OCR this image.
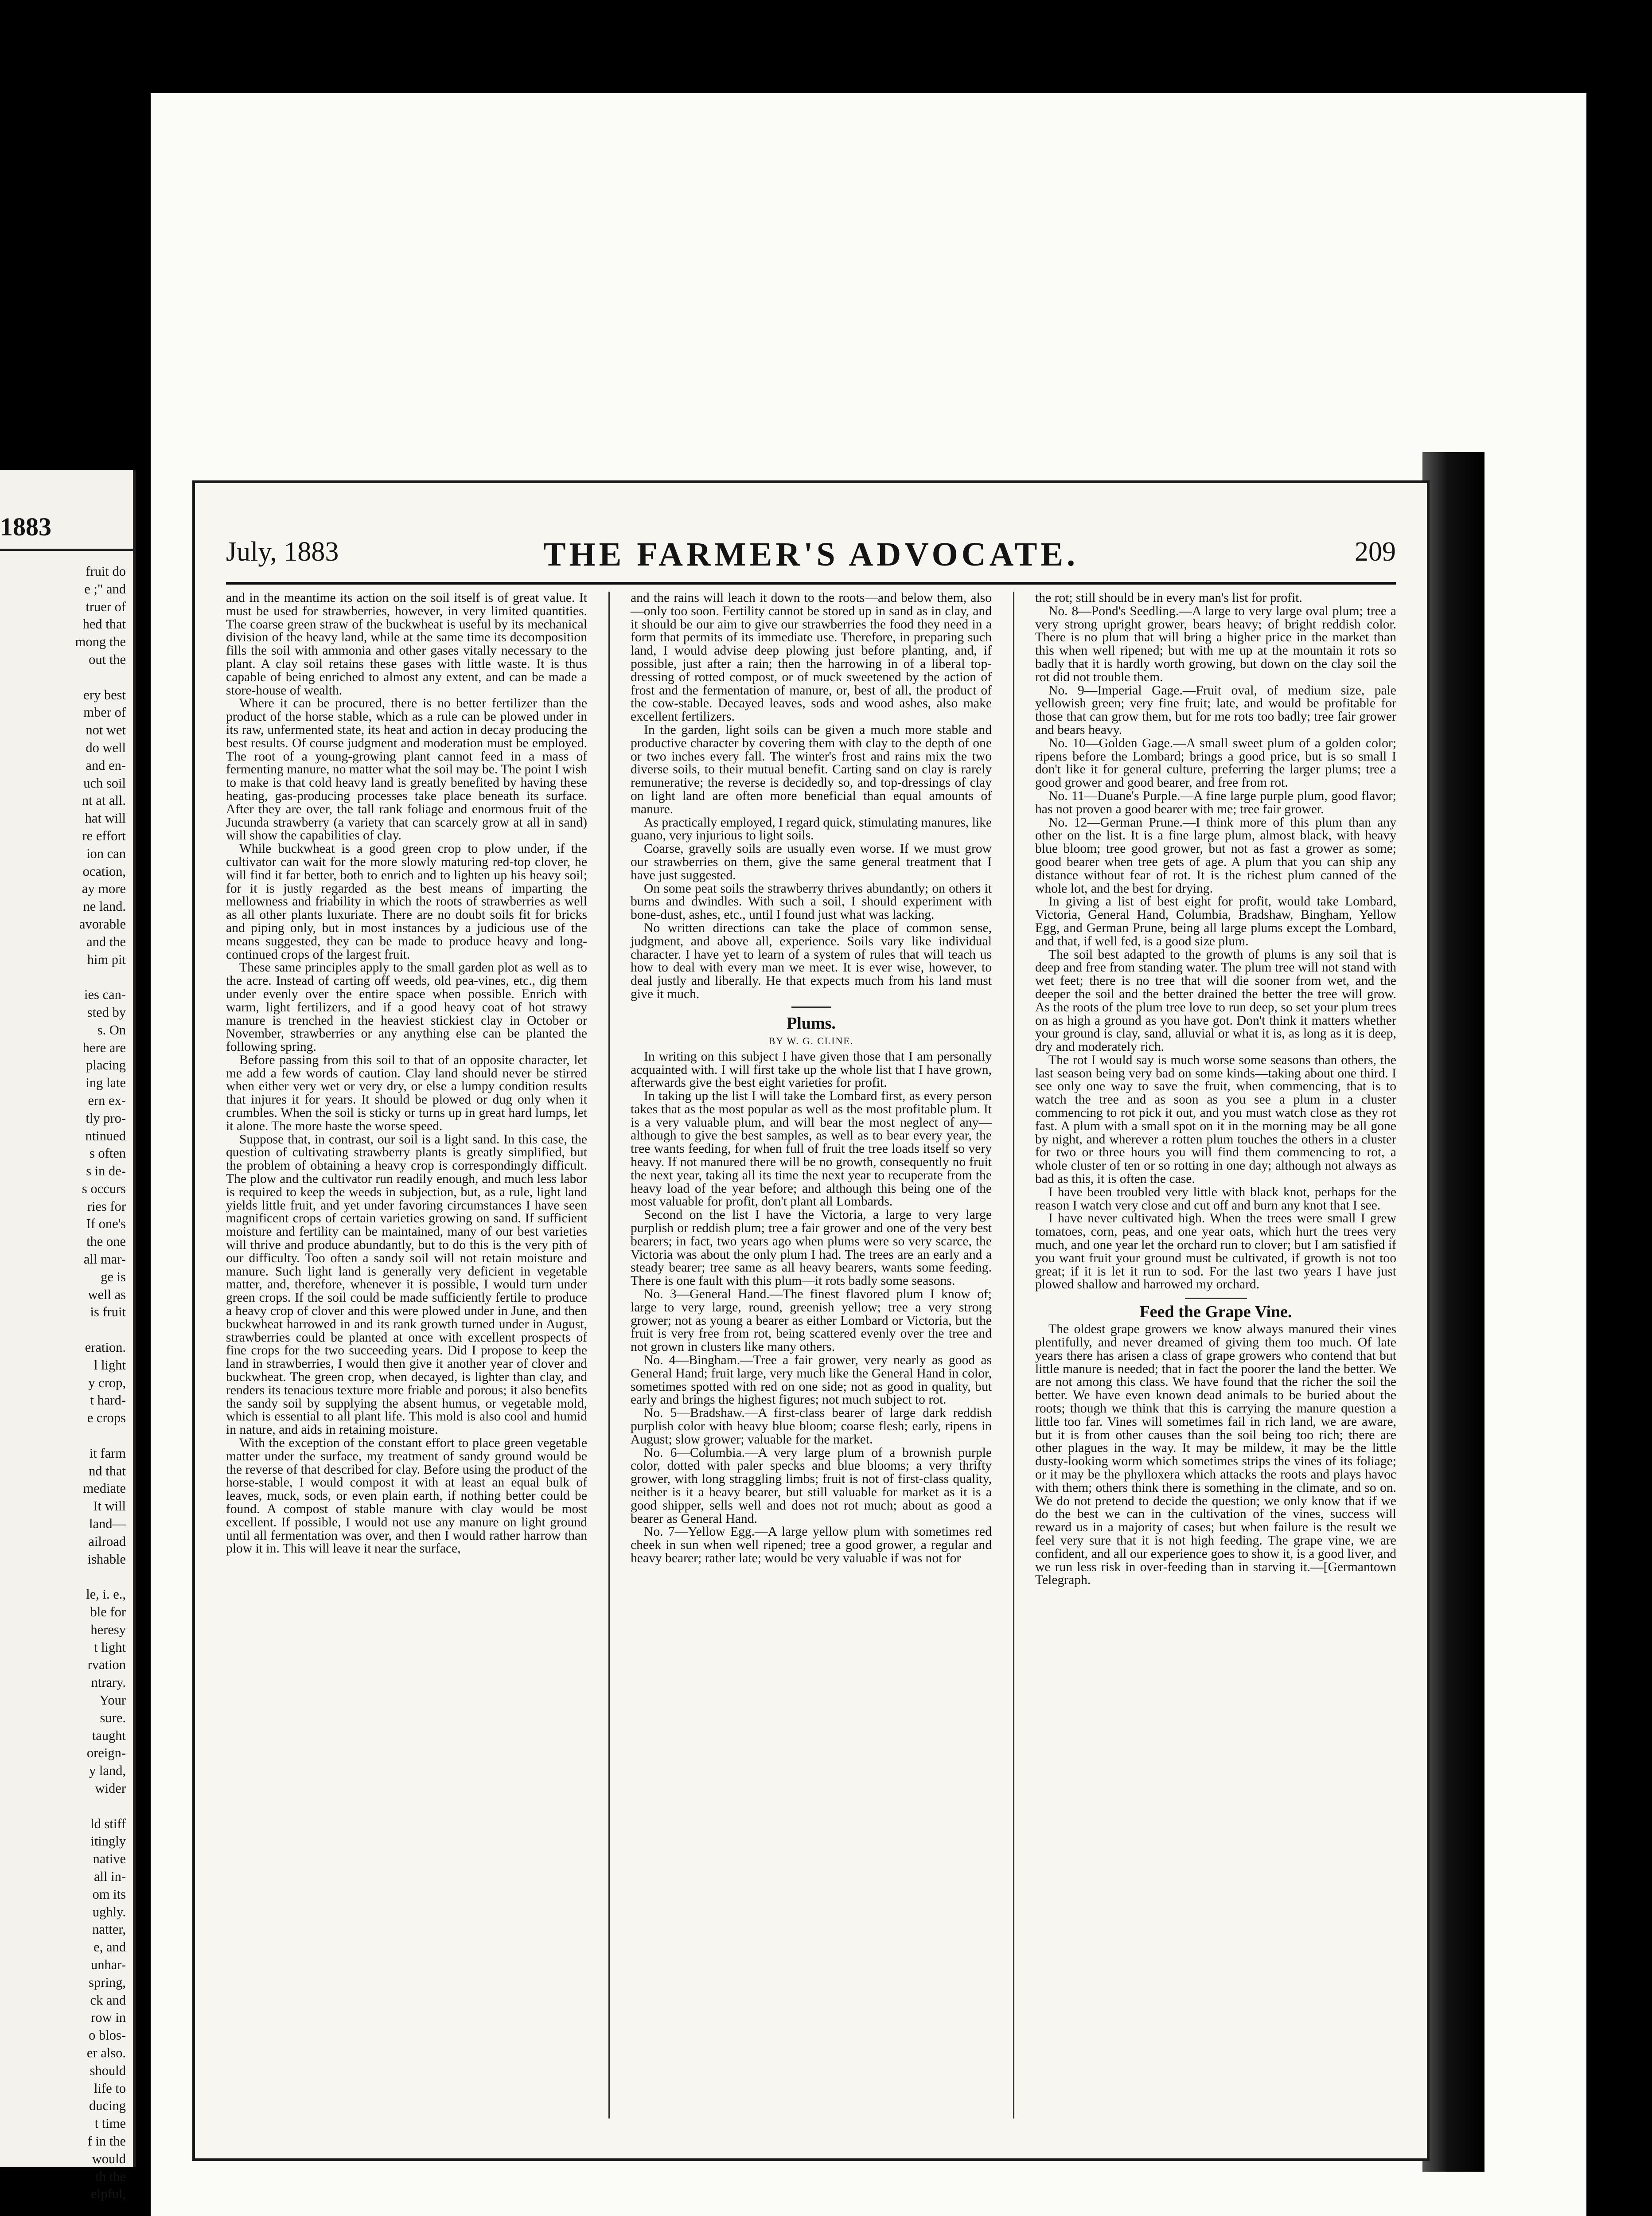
1883
fruit do
e ;" and
truer of
hed that
mong the
out the

ery best
mber of
not wet
do well
and en-
uch soil
nt at all.
hat will
re effort
ion can
ocation,
ay more
ne land.
avorable
and the
him pit

ies can-
sted by
s. On
here are
placing
ing late
ern ex-
tly pro-
ntinued
s often
s in de-
s occurs
ries for
If one's
the one
all mar-
ge is
well as
is fruit

eration.
l light
y crop,
t hard-
e crops

it farm
nd that
mediate
It will
land—
ailroad
ishable

le, i. e.,
ble for
heresy
t light
rvation
ntrary.
Your
sure.
taught
oreign-
y land,
wider

ld stiff
itingly
native
all in-
om its
ughly.
natter,
e, and
unhar-
spring,
ck and
row in
o blos-
er also.
should
life to
ducing
t time
f in the
would
th the
elpful,
July, 1883	THE FARMER'S ADVOCATE.	209

and in the meantime its action on the soil itself is of great value. It must be used for strawberries, however, in very limited quantities. The coarse green straw of the buckwheat is useful by its mechanical division of the heavy land, while at the same time its decomposition fills the soil with ammonia and other gases vitally necessary to the plant. A clay soil retains these gases with little waste. It is thus capable of being enriched to almost any extent, and can be made a store-house of wealth.

Where it can be procured, there is no better fertilizer than the product of the horse stable, which as a rule can be plowed under in its raw, unfermented state, its heat and action in decay producing the best results. Of course judgment and moderation must be employed. The root of a young-growing plant cannot feed in a mass of fermenting manure, no matter what the soil may be. The point I wish to make is that cold heavy land is greatly benefited by having these heating, gas-producing processes take place beneath its surface. After they are over, the tall rank foliage and enormous fruit of the Jucunda strawberry (a variety that can scarcely grow at all in sand) will show the capabilities of clay.

While buckwheat is a good green crop to plow under, if the cultivator can wait for the more slowly maturing red-top clover, he will find it far better, both to enrich and to lighten up his heavy soil; for it is justly regarded as the best means of imparting the mellowness and friability in which the roots of strawberries as well as all other plants luxuriate. There are no doubt soils fit for bricks and piping only, but in most instances by a judicious use of the means suggested, they can be made to produce heavy and long-continued crops of the largest fruit.

These same principles apply to the small garden plot as well as to the acre. Instead of carting off weeds, old pea-vines, etc., dig them under evenly over the entire space when possible. Enrich with warm, light fertilizers, and if a good heavy coat of hot strawy manure is trenched in the heaviest stickiest clay in October or November, strawberries or any anything else can be planted the following spring.

Before passing from this soil to that of an opposite character, let me add a few words of caution. Clay land should never be stirred when either very wet or very dry, or else a lumpy condition results that injures it for years. It should be plowed or dug only when it crumbles. When the soil is sticky or turns up in great hard lumps, let it alone. The more haste the worse speed.

Suppose that, in contrast, our soil is a light sand. In this case, the question of cultivating strawberry plants is greatly simplified, but the problem of obtaining a heavy crop is correspondingly difficult. The plow and the cultivator run readily enough, and much less labor is required to keep the weeds in subjection, but, as a rule, light land yields little fruit, and yet under favoring circumstances I have seen magnificent crops of certain varieties growing on sand. If sufficient moisture and fertility can be maintained, many of our best varieties will thrive and produce abundantly, but to do this is the very pith of our difficulty. Too often a sandy soil will not retain moisture and manure. Such light land is generally very deficient in vegetable matter, and, therefore, whenever it is possible, I would turn under green crops. If the soil could be made sufficiently fertile to produce a heavy crop of clover and this were plowed under in June, and then buckwheat harrowed in and its rank growth turned under in August, strawberries could be planted at once with excellent prospects of fine crops for the two succeeding years. Did I propose to keep the land in strawberries, I would then give it another year of clover and buckwheat. The green crop, when decayed, is lighter than clay, and renders its tenacious texture more friable and porous; it also benefits the sandy soil by supplying the absent humus, or vegetable mold, which is essential to all plant life. This mold is also cool and humid in nature, and aids in retaining moisture.

With the exception of the constant effort to place green vegetable matter under the surface, my treatment of sandy ground would be the reverse of that described for clay. Before using the product of the horse-stable, I would compost it with at least an equal bulk of leaves, muck, sods, or even plain earth, if nothing better could be found. A compost of stable manure with clay would be most excellent. If possible, I would not use any manure on light ground until all fermentation was over, and then I would rather harrow than plow it in. This will leave it near the surface,

and the rains will leach it down to the roots—and below them, also—only too soon. Fertility cannot be stored up in sand as in clay, and it should be our aim to give our strawberries the food they need in a form that permits of its immediate use. Therefore, in preparing such land, I would advise deep plowing just before planting, and, if possible, just after a rain; then the harrowing in of a liberal top-dressing of rotted compost, or of muck sweetened by the action of frost and the fermentation of manure, or, best of all, the product of the cow-stable. Decayed leaves, sods and wood ashes, also make excellent fertilizers.

In the garden, light soils can be given a much more stable and productive character by covering them with clay to the depth of one or two inches every fall. The winter's frost and rains mix the two diverse soils, to their mutual benefit. Carting sand on clay is rarely remunerative; the reverse is decidedly so, and top-dressings of clay on light land are often more beneficial than equal amounts of manure.

As practically employed, I regard quick, stimulating manures, like guano, very injurious to light soils.

Coarse, gravelly soils are usually even worse. If we must grow our strawberries on them, give the same general treatment that I have just suggested.

On some peat soils the strawberry thrives abundantly; on others it burns and dwindles. With such a soil, I should experiment with bone-dust, ashes, etc., until I found just what was lacking.

No written directions can take the place of common sense, judgment, and above all, experience. Soils vary like individual character. I have yet to learn of a system of rules that will teach us how to deal with every man we meet. It is ever wise, however, to deal justly and liberally. He that expects much from his land must give it much.

Plums.
BY W. G. CLINE.

In writing on this subject I have given those that I am personally acquainted with. I will first take up the whole list that I have grown, afterwards give the best eight varieties for profit.

In taking up the list I will take the Lombard first, as every person takes that as the most popular as well as the most profitable plum. It is a very valuable plum, and will bear the most neglect of any—although to give the best samples, as well as to bear every year, the tree wants feeding, for when full of fruit the tree loads itself so very heavy. If not manured there will be no growth, consequently no fruit the next year, taking all its time the next year to recuperate from the heavy load of the year before; and although this being one of the most valuable for profit, don't plant all Lombards.

Second on the list I have the Victoria, a large to very large purplish or reddish plum; tree a fair grower and one of the very best bearers; in fact, two years ago when plums were so very scarce, the Victoria was about the only plum I had. The trees are an early and a steady bearer; tree same as all heavy bearers, wants some feeding. There is one fault with this plum—it rots badly some seasons.

No. 3—General Hand.—The finest flavored plum I know of; large to very large, round, greenish yellow; tree a very strong grower; not as young a bearer as either Lombard or Victoria, but the fruit is very free from rot, being scattered evenly over the tree and not grown in clusters like many others.

No. 4—Bingham.—Tree a fair grower, very nearly as good as General Hand; fruit large, very much like the General Hand in color, sometimes spotted with red on one side; not as good in quality, but early and brings the highest figures; not much subject to rot.

No. 5—Bradshaw.—A first-class bearer of large dark reddish purplish color with heavy blue bloom; coarse flesh; early, ripens in August; slow grower; valuable for the market.

No. 6—Columbia.—A very large plum of a brownish purple color, dotted with paler specks and blue blooms; a very thrifty grower, with long straggling limbs; fruit is not of first-class quality, neither is it a heavy bearer, but still valuable for market as it is a good shipper, sells well and does not rot much; about as good a bearer as General Hand.

No. 7—Yellow Egg.—A large yellow plum with sometimes red cheek in sun when well ripened; tree a good grower, a regular and heavy bearer; rather late; would be very valuable if was not for

the rot; still should be in every man's list for profit.

No. 8—Pond's Seedling.—A large to very large oval plum; tree a very strong upright grower, bears heavy; of bright reddish color. There is no plum that will bring a higher price in the market than this when well ripened; but with me up at the mountain it rots so badly that it is hardly worth growing, but down on the clay soil the rot did not trouble them.

No. 9—Imperial Gage.—Fruit oval, of medium size, pale yellowish green; very fine fruit; late, and would be profitable for those that can grow them, but for me rots too badly; tree fair grower and bears heavy.

No. 10—Golden Gage.—A small sweet plum of a golden color; ripens before the Lombard; brings a good price, but is so small I don't like it for general culture, preferring the larger plums; tree a good grower and good bearer, and free from rot.

No. 11—Duane's Purple.—A fine large purple plum, good flavor; has not proven a good bearer with me; tree fair grower.

No. 12—German Prune.—I think more of this plum than any other on the list. It is a fine large plum, almost black, with heavy blue bloom; tree good grower, but not as fast a grower as some; good bearer when tree gets of age. A plum that you can ship any distance without fear of rot. It is the richest plum canned of the whole lot, and the best for drying.

In giving a list of best eight for profit, would take Lombard, Victoria, General Hand, Columbia, Bradshaw, Bingham, Yellow Egg, and German Prune, being all large plums except the Lombard, and that, if well fed, is a good size plum.

The soil best adapted to the growth of plums is any soil that is deep and free from standing water. The plum tree will not stand with wet feet; there is no tree that will die sooner from wet, and the deeper the soil and the better drained the better the tree will grow. As the roots of the plum tree love to run deep, so set your plum trees on as high a ground as you have got. Don't think it matters whether your ground is clay, sand, alluvial or what it is, as long as it is deep, dry and moderately rich.

The rot I would say is much worse some seasons than others, the last season being very bad on some kinds—taking about one third. I see only one way to save the fruit, when commencing, that is to watch the tree and as soon as you see a plum in a cluster commencing to rot pick it out, and you must watch close as they rot fast. A plum with a small spot on it in the morning may be all gone by night, and wherever a rotten plum touches the others in a cluster for two or three hours you will find them commencing to rot, a whole cluster of ten or so rotting in one day; although not always as bad as this, it is often the case.

I have been troubled very little with black knot, perhaps for the reason I watch very close and cut off and burn any knot that I see.

I have never cultivated high. When the trees were small I grew tomatoes, corn, peas, and one year oats, which hurt the trees very much, and one year let the orchard run to clover; but I am satisfied if you want fruit your ground must be cultivated, if growth is not too great; if it is let it run to sod. For the last two years I have just plowed shallow and harrowed my orchard.

Feed the Grape Vine.

The oldest grape growers we know always manured their vines plentifully, and never dreamed of giving them too much. Of late years there has arisen a class of grape growers who contend that but little manure is needed; that in fact the poorer the land the better. We are not among this class. We have found that the richer the soil the better. We have even known dead animals to be buried about the roots; though we think that this is carrying the manure question a little too far. Vines will sometimes fail in rich land, we are aware, but it is from other causes than the soil being too rich; there are other plagues in the way. It may be mildew, it may be the little dusty-looking worm which sometimes strips the vines of its foliage; or it may be the phylloxera which attacks the roots and plays havoc with them; others think there is something in the climate, and so on. We do not pretend to decide the question; we only know that if we do the best we can in the cultivation of the vines, success will reward us in a majority of cases; but when failure is the result we feel very sure that it is not high feeding. The grape vine, we are confident, and all our experience goes to show it, is a good liver, and we run less risk in over-feeding than in starving it.—[Germantown Telegraph.
